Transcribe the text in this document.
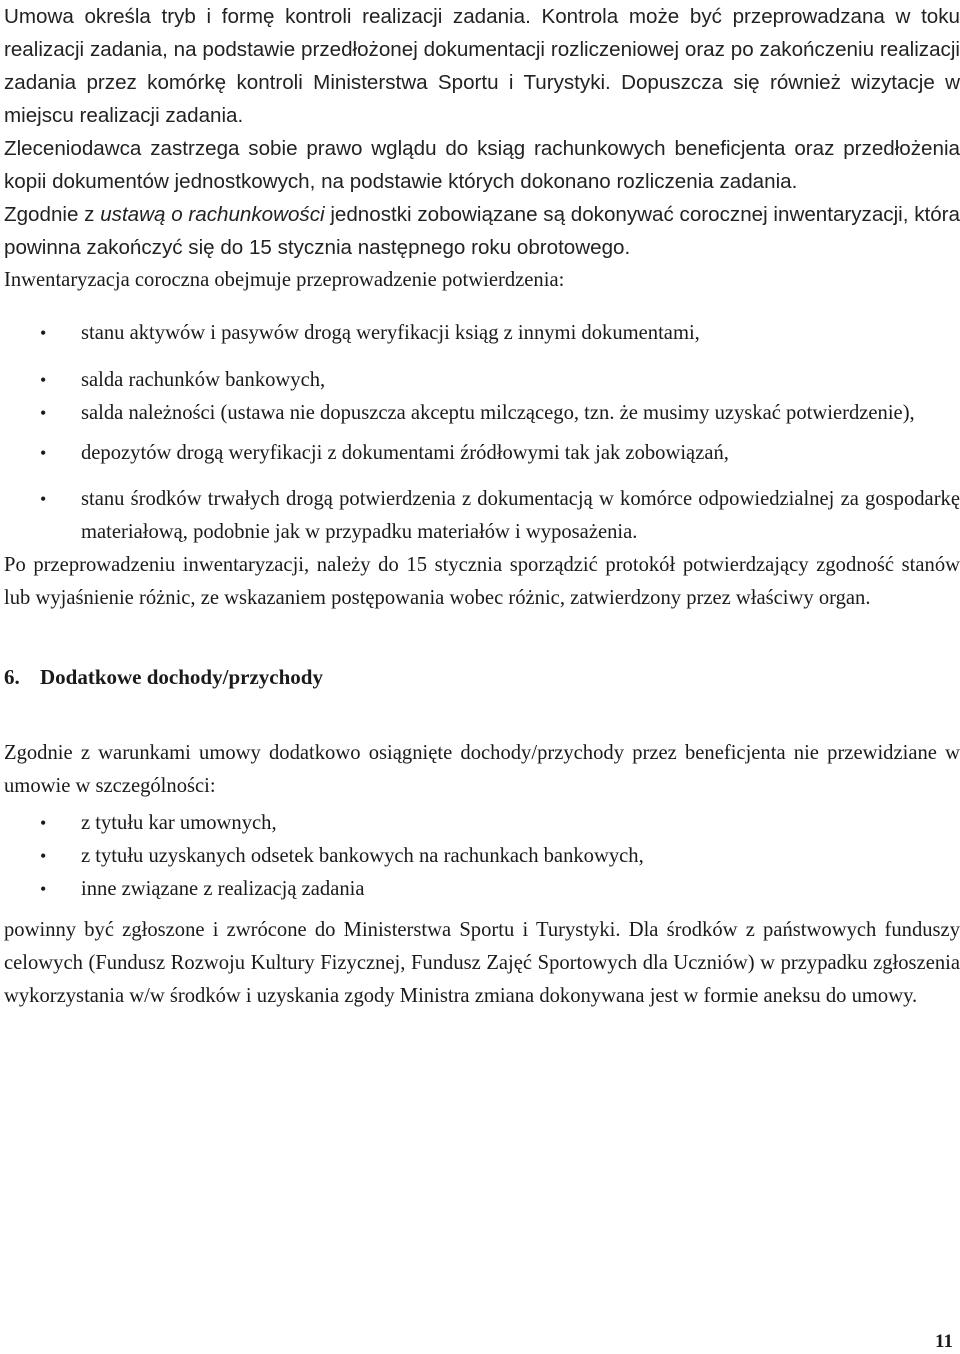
Umowa określa tryb i formę kontroli realizacji zadania. Kontrola może być przeprowadzana w toku realizacji zadania, na podstawie przedłożonej dokumentacji rozliczeniowej oraz po zakończeniu realizacji zadania przez komórkę kontroli Ministerstwa Sportu i Turystyki. Dopuszcza się również wizytacje w miejscu realizacji zadania.

Zleceniodawca zastrzega sobie prawo wglądu do ksiąg rachunkowych beneficjenta oraz przedłożenia kopii dokumentów jednostkowych, na podstawie których dokonano rozliczenia zadania.

Zgodnie z ustawą o rachunkowości jednostki zobowiązane są dokonywać corocznej inwentaryzacji, która powinna zakończyć się do 15 stycznia następnego roku obrotowego.

Inwentaryzacja coroczna obejmuje przeprowadzenie potwierdzenia:

• stanu aktywów i pasywów drogą weryfikacji ksiąg z innymi dokumentami,
• salda rachunków bankowych,
• salda należności (ustawa nie dopuszcza akceptu milczącego, tzn. że musimy uzyskać potwierdzenie),
• depozytów drogą weryfikacji z dokumentami źródłowymi tak jak zobowiązań,
• stanu środków trwałych drogą potwierdzenia z dokumentacją w komórce odpowiedzialnej za gospodarkę materiałową, podobnie jak w przypadku materiałów i wyposażenia.

Po przeprowadzeniu inwentaryzacji, należy do 15 stycznia sporządzić protokół potwierdzający zgodność stanów lub wyjaśnienie różnic, ze wskazaniem postępowania wobec różnic, zatwierdzony przez właściwy organ.

6. Dodatkowe dochody/przychody

Zgodnie z warunkami umowy dodatkowo osiągnięte dochody/przychody przez beneficjenta nie przewidziane w umowie w szczególności:

• z tytułu kar umownych,
• z tytułu uzyskanych odsetek bankowych na rachunkach bankowych,
• inne związane z realizacją zadania

powinny być zgłoszone i zwrócone do Ministerstwa Sportu i Turystyki. Dla środków z państwowych funduszy celowych (Fundusz Rozwoju Kultury Fizycznej, Fundusz Zajęć Sportowych dla Uczniów) w przypadku zgłoszenia wykorzystania w/w środków i uzyskania zgody Ministra zmiana dokonywana jest w formie aneksu do umowy.

11
